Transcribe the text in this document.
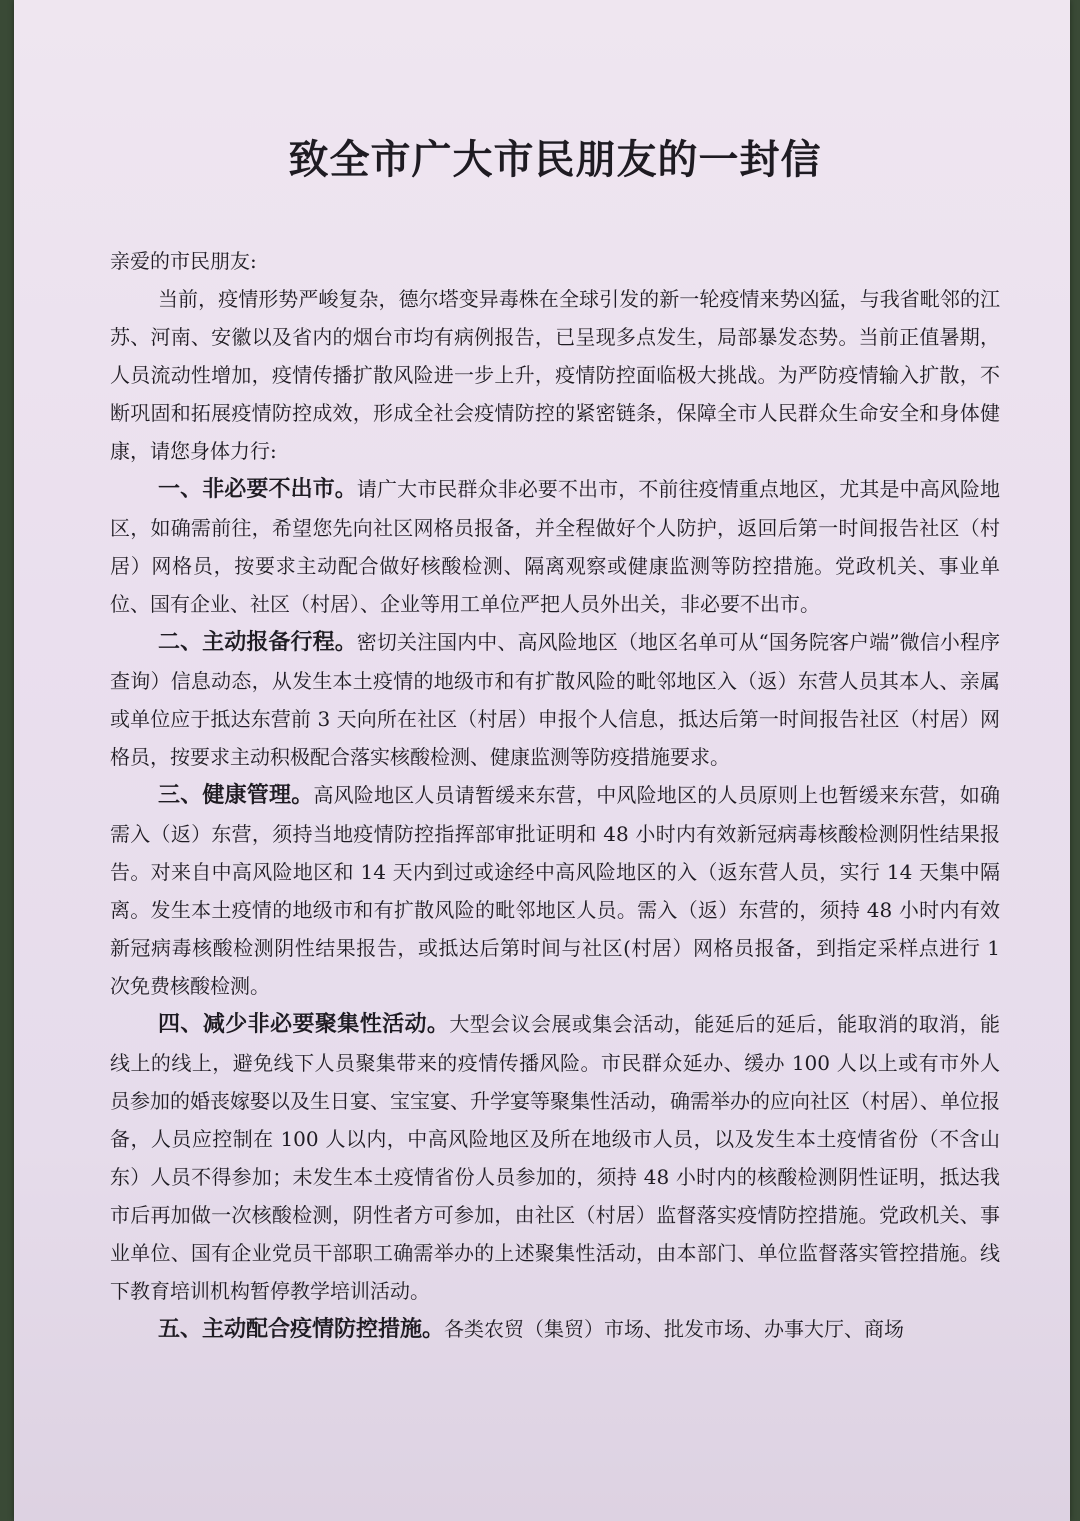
致全市广大市民朋友的一封信

亲爱的市民朋友:

当前，疫情形势严峻复杂，德尔塔变异毒株在全球引发的新一轮疫情来势凶猛，与我省毗邻的江苏、河南、安徽以及省内的烟台市均有病例报告，已呈现多点发生，局部暴发态势。当前正值暑期，人员流动性增加，疫情传播扩散风险进一步上升，疫情防控面临极大挑战。为严防疫情输入扩散，不断巩固和拓展疫情防控成效，形成全社会疫情防控的紧密链条，保障全市人民群众生命安全和身体健康，请您身体力行:

一、非必要不出市。请广大市民群众非必要不出市，不前往疫情重点地区，尤其是中高风险地区，如确需前往，希望您先向社区网格员报备，并全程做好个人防护，返回后第一时间报告社区（村居）网格员，按要求主动配合做好核酸检测、隔离观察或健康监测等防控措施。党政机关、事业单位、国有企业、社区（村居）、企业等用工单位严把人员外出关，非必要不出市。

二、主动报备行程。密切关注国内中、高风险地区（地区名单可从“国务院客户端”微信小程序查询）信息动态，从发生本土疫情的地级市和有扩散风险的毗邻地区入（返）东营人员其本人、亲属或单位应于抵达东营前 3 天向所在社区（村居）申报个人信息，抵达后第一时间报告社区（村居）网格员，按要求主动积极配合落实核酸检测、健康监测等防疫措施要求。

三、健康管理。高风险地区人员请暂缓来东营，中风险地区的人员原则上也暂缓来东营，如确需入（返）东营，须持当地疫情防控指挥部审批证明和 48 小时内有效新冠病毒核酸检测阴性结果报告。对来自中高风险地区和 14 天内到过或途经中高风险地区的入（返东营人员，实行 14 天集中隔离。发生本土疫情的地级市和有扩散风险的毗邻地区人员。需入（返）东营的，须持 48 小时内有效新冠病毒核酸检测阴性结果报告，或抵达后第时间与社区(村居）网格员报备，到指定采样点进行 1 次免费核酸检测。

四、减少非必要聚集性活动。大型会议会展或集会活动，能延后的延后，能取消的取消，能线上的线上，避免线下人员聚集带来的疫情传播风险。市民群众延办、缓办 100 人以上或有市外人员参加的婚丧嫁娶以及生日宴、宝宝宴、升学宴等聚集性活动，确需举办的应向社区（村居）、单位报备，人员应控制在 100 人以内，中高风险地区及所在地级市人员，以及发生本土疫情省份（不含山东）人员不得参加；未发生本土疫情省份人员参加的，须持 48 小时内的核酸检测阴性证明，抵达我市后再加做一次核酸检测，阴性者方可参加，由社区（村居）监督落实疫情防控措施。党政机关、事业单位、国有企业党员干部职工确需举办的上述聚集性活动，由本部门、单位监督落实管控措施。线下教育培训机构暂停教学培训活动。

五、主动配合疫情防控措施。各类农贸（集贸）市场、批发市场、办事大厅、商场
